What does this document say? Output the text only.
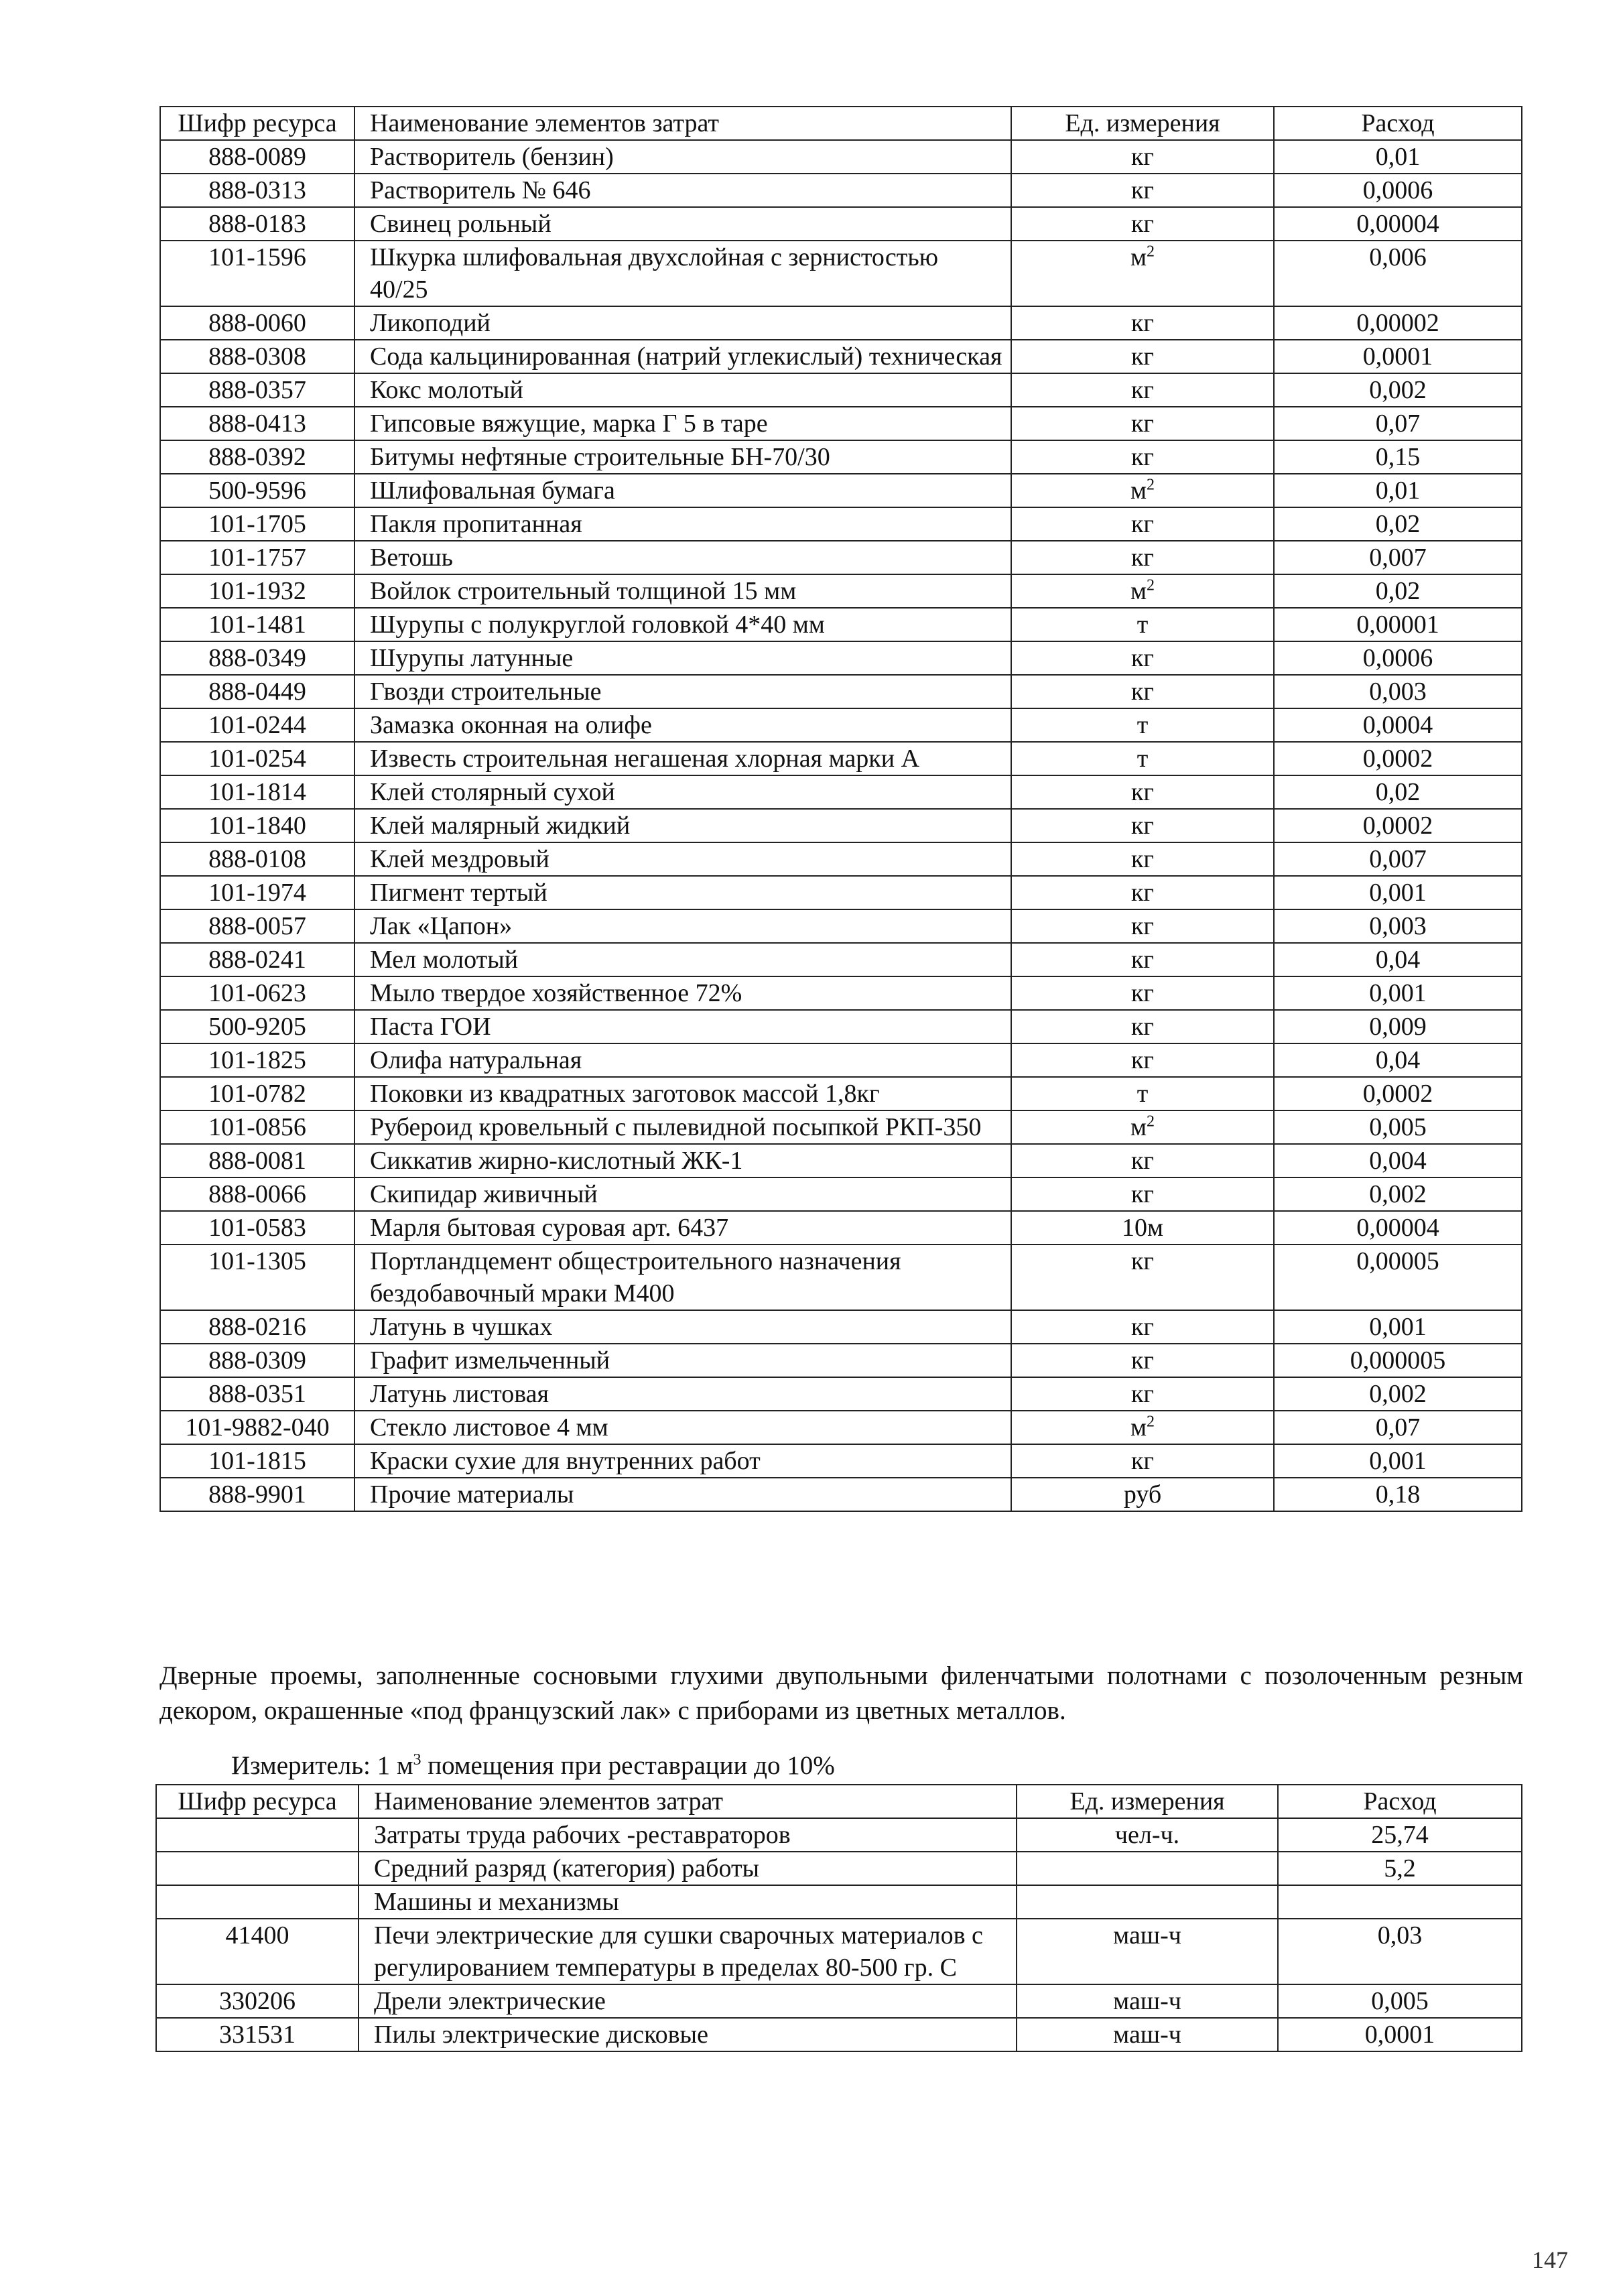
Шифр ресурса	Наименование элементов затрат	Ед. измерения	Расход
888-0089	Растворитель (бензин)	кг	0,01
888-0313	Растворитель № 646	кг	0,0006
888-0183	Свинец рольный	кг	0,00004
101-1596	Шкурка шлифовальная двухслойная с зернистостью 40/25	$м^2$	0,006
888-0060	Ликоподий	кг	0,00002
888-0308	Сода кальцинированная (натрий углекислый) техническая	кг	0,0001
888-0357	Кокс молотый	кг	0,002
888-0413	Гипсовые вяжущие, марка Г 5 в таре	кг	0,07
888-0392	Битумы нефтяные строительные БН-70/30	кг	0,15
500-9596	Шлифовальная бумага	$м^2$	0,01
101-1705	Пакля пропитанная	кг	0,02
101-1757	Ветошь	кг	0,007
101-1932	Войлок строительный толщиной 15 мм	$м^2$	0,02
101-1481	Шурупы с полукруглой головкой 4*40 мм	т	0,00001
888-0349	Шурупы латунные	кг	0,0006
888-0449	Гвозди строительные	кг	0,003
101-0244	Замазка оконная на олифе	т	0,0004
101-0254	Известь строительная негашеная хлорная марки А	т	0,0002
101-1814	Клей столярный сухой	кг	0,02
101-1840	Клей малярный жидкий	кг	0,0002
888-0108	Клей мездровый	кг	0,007
101-1974	Пигмент тертый	кг	0,001
888-0057	Лак «Цапон»	кг	0,003
888-0241	Мел молотый	кг	0,04
101-0623	Мыло твердое хозяйственное 72%	кг	0,001
500-9205	Паста ГОИ	кг	0,009
101-1825	Олифа натуральная	кг	0,04
101-0782	Поковки из квадратных заготовок массой 1,8кг	т	0,0002
101-0856	Рубероид кровельный с пылевидной посыпкой РКП-350	$м^2$	0,005
888-0081	Сиккатив жирно-кислотный ЖК-1	кг	0,004
888-0066	Скипидар живичный	кг	0,002
101-0583	Марля бытовая суровая арт. 6437	10м	0,00004
101-1305	Портландцемент общестроительного назначения бездобавочный мраки М400	кг	0,00005
888-0216	Латунь в чушках	кг	0,001
888-0309	Графит измельченный	кг	0,000005
888-0351	Латунь листовая	кг	0,002
101-9882-040	Стекло листовое 4 мм	$м^2$	0,07
101-1815	Краски сухие для внутренних работ	кг	0,001
888-9901	Прочие материалы	руб	0,18
Дверные проемы, заполненные сосновыми глухими двупольными филенчатыми полотнами с позолоченным резным декором, окрашенные «под французский лак» с приборами из цветных металлов.
Измеритель: 1 $м^3$ помещения при реставрации до 10%
Шифр ресурса	Наименование элементов затрат	Ед. измерения	Расход
	Затраты труда рабочих -реставраторов	чел-ч.	25,74
	Средний разряд (категория) работы		5,2
	Машины и механизмы		
41400	Печи электрические для сушки сварочных материалов с регулированием температуры в пределах 80-500 гр. С	маш-ч	0,03
330206	Дрели электрические	маш-ч	0,005
331531	Пилы электрические дисковые	маш-ч	0,0001
147
